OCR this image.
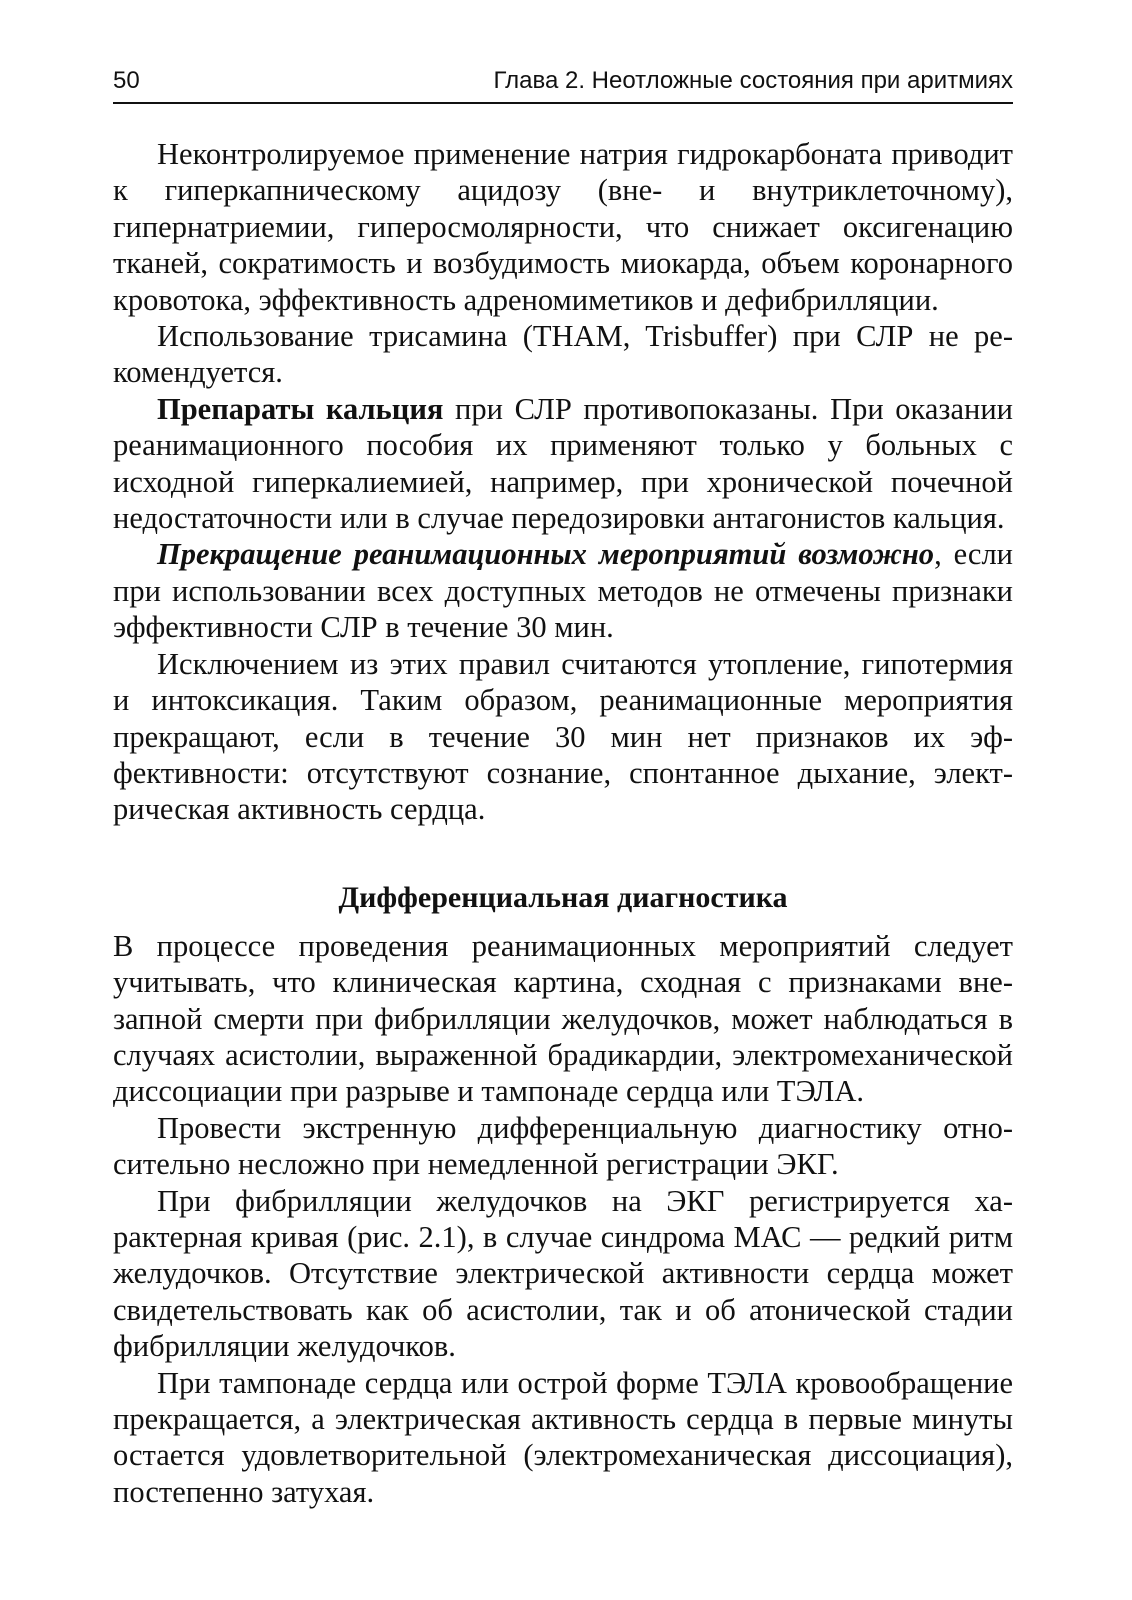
50	Глава 2. Неотложные состояния при аритмиях

Неконтролируемое применение натрия гидрокарбоната приводит к гиперкапническому ацидозу (вне- и внутриклеточному), гипернатриемии, гиперосмолярности, что снижает оксигенацию тканей, сократимость и возбудимость миокарда, объем коронарного кровотока, эффективность адреномиметиков и дефибрилляции.

Использование трисамина (THAM, Trisbuffer) при СЛР не рекомендуется.

Препараты кальция при СЛР противопоказаны. При оказании реанимационного пособия их применяют только у больных с исходной гиперкалиемией, например, при хронической почечной недостаточности или в случае передозировки антагонистов кальция.

Прекращение реанимационных мероприятий возможно, если при использовании всех доступных методов не отмечены признаки эффективности СЛР в течение 30 мин.

Исключением из этих правил считаются утопление, гипотермия и интоксикация. Таким образом, реанимационные мероприятия прекращают, если в течение 30 мин нет признаков их эффективности: отсутствуют сознание, спонтанное дыхание, электрическая активность сердца.

Дифференциальная диагностика

В процессе проведения реанимационных мероприятий следует учитывать, что клиническая картина, сходная с признаками внезапной смерти при фибрилляции желудочков, может наблюдаться в случаях асистолии, выраженной брадикардии, электромеханической диссоциации при разрыве и тампонаде сердца или ТЭЛА.

Провести экстренную дифференциальную диагностику относительно несложно при немедленной регистрации ЭКГ.

При фибрилляции желудочков на ЭКГ регистрируется характерная кривая (рис. 2.1), в случае синдрома МАС — редкий ритм желудочков. Отсутствие электрической активности сердца может свидетельствовать как об асистолии, так и об атонической стадии фибрилляции желудочков.

При тампонаде сердца или острой форме ТЭЛА кровообращение прекращается, а электрическая активность сердца в первые минуты остается удовлетворительной (электромеханическая диссоциация), постепенно затухая.
